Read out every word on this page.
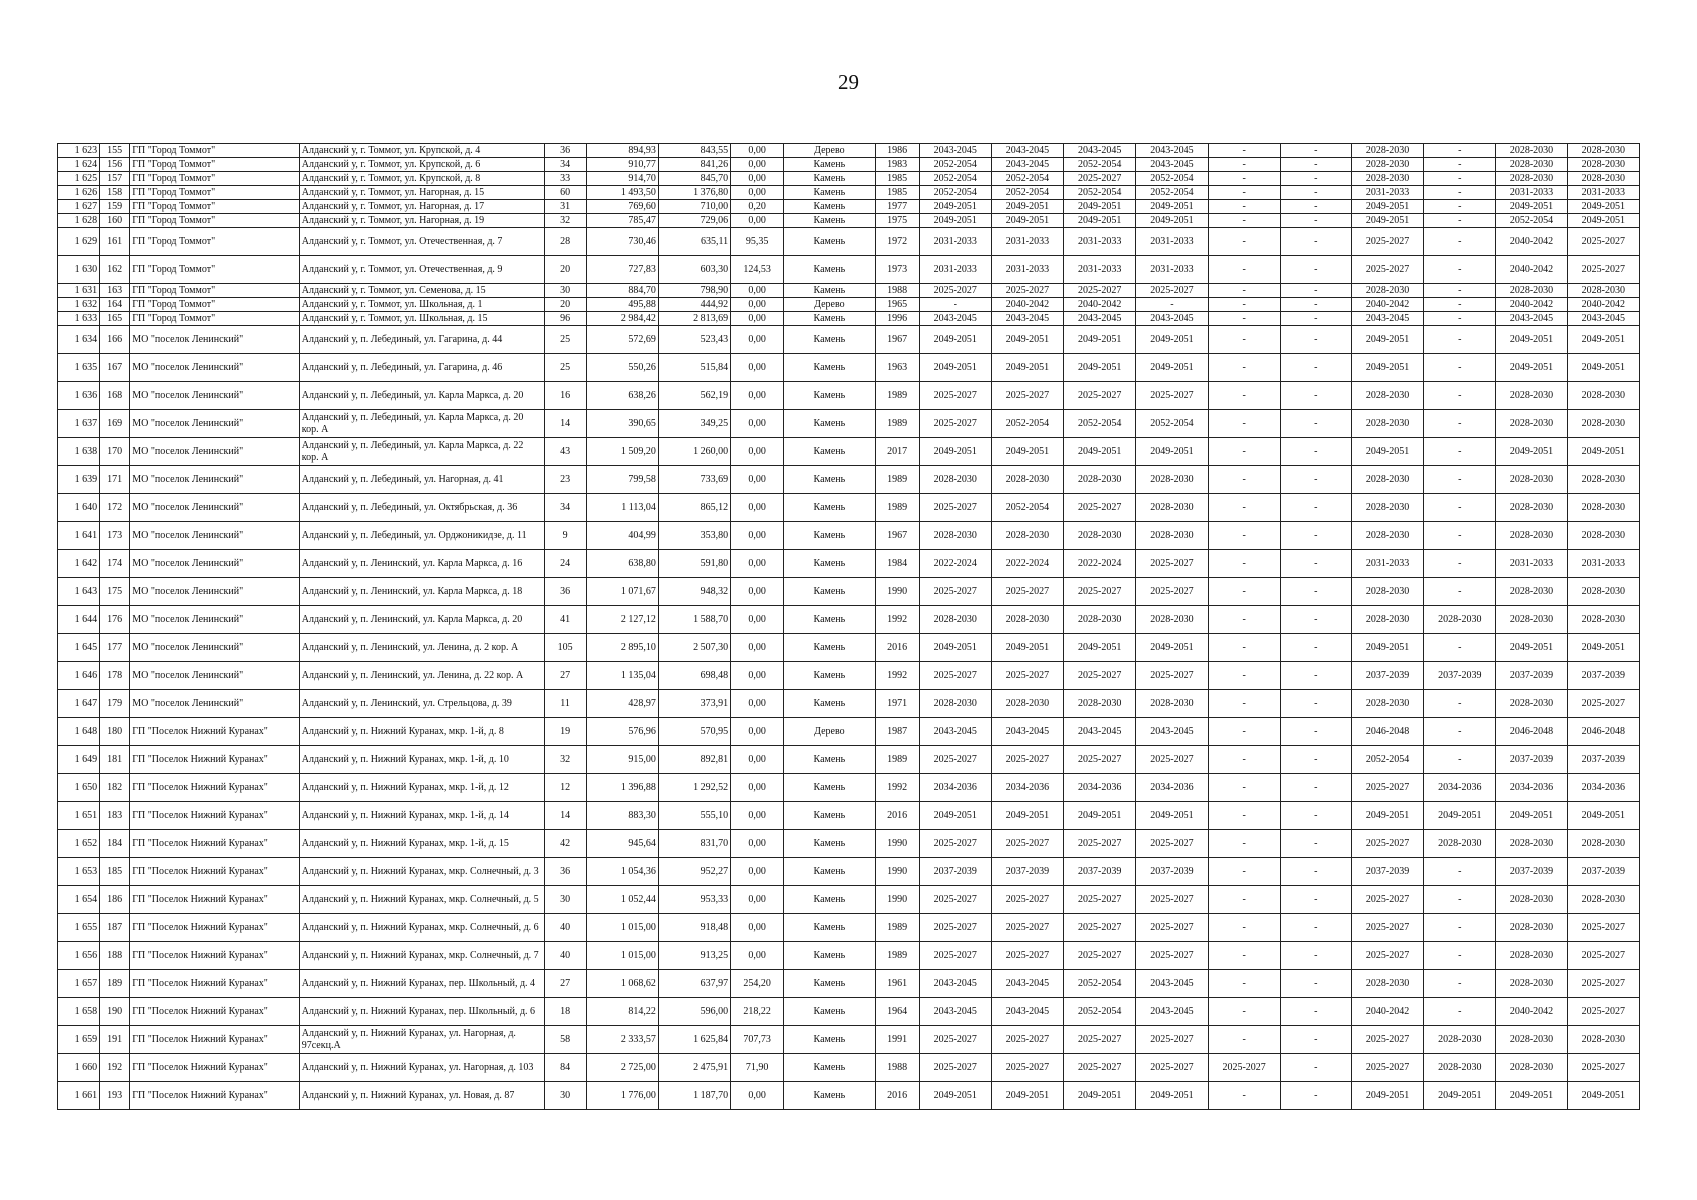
29
1 623	155	ГП "Город Томмот"	Алданский у, г. Томмот, ул. Крупской, д. 4	36	894,93	843,55	0,00	Дерево	1986	2043-2045	2043-2045	2043-2045	2043-2045	-	-	2028-2030	-	2028-2030	2028-2030
1 624	156	ГП "Город Томмот"	Алданский у, г. Томмот, ул. Крупской, д. 6	34	910,77	841,26	0,00	Камень	1983	2052-2054	2043-2045	2052-2054	2043-2045	-	-	2028-2030	-	2028-2030	2028-2030
1 625	157	ГП "Город Томмот"	Алданский у, г. Томмот, ул. Крупской, д. 8	33	914,70	845,70	0,00	Камень	1985	2052-2054	2052-2054	2025-2027	2052-2054	-	-	2028-2030	-	2028-2030	2028-2030
1 626	158	ГП "Город Томмот"	Алданский у, г. Томмот, ул. Нагорная, д. 15	60	1 493,50	1 376,80	0,00	Камень	1985	2052-2054	2052-2054	2052-2054	2052-2054	-	-	2031-2033	-	2031-2033	2031-2033
1 627	159	ГП "Город Томмот"	Алданский у, г. Томмот, ул. Нагорная, д. 17	31	769,60	710,00	0,20	Камень	1977	2049-2051	2049-2051	2049-2051	2049-2051	-	-	2049-2051	-	2049-2051	2049-2051
1 628	160	ГП "Город Томмот"	Алданский у, г. Томмот, ул. Нагорная, д. 19	32	785,47	729,06	0,00	Камень	1975	2049-2051	2049-2051	2049-2051	2049-2051	-	-	2049-2051	-	2052-2054	2049-2051
1 629	161	ГП "Город Томмот"	Алданский у, г. Томмот, ул. Отечественная, д. 7	28	730,46	635,11	95,35	Камень	1972	2031-2033	2031-2033	2031-2033	2031-2033	-	-	2025-2027	-	2040-2042	2025-2027
1 630	162	ГП "Город Томмот"	Алданский у, г. Томмот, ул. Отечественная, д. 9	20	727,83	603,30	124,53	Камень	1973	2031-2033	2031-2033	2031-2033	2031-2033	-	-	2025-2027	-	2040-2042	2025-2027
1 631	163	ГП "Город Томмот"	Алданский у, г. Томмот, ул. Семенова, д. 15	30	884,70	798,90	0,00	Камень	1988	2025-2027	2025-2027	2025-2027	2025-2027	-	-	2028-2030	-	2028-2030	2028-2030
1 632	164	ГП "Город Томмот"	Алданский у, г. Томмот, ул. Школьная, д. 1	20	495,88	444,92	0,00	Дерево	1965	-	2040-2042	2040-2042	-	-	-	2040-2042	-	2040-2042	2040-2042
1 633	165	ГП "Город Томмот"	Алданский у, г. Томмот, ул. Школьная, д. 15	96	2 984,42	2 813,69	0,00	Камень	1996	2043-2045	2043-2045	2043-2045	2043-2045	-	-	2043-2045	-	2043-2045	2043-2045
1 634	166	МО "поселок Ленинский"	Алданский у, п. Лебединый, ул. Гагарина, д. 44	25	572,69	523,43	0,00	Камень	1967	2049-2051	2049-2051	2049-2051	2049-2051	-	-	2049-2051	-	2049-2051	2049-2051
1 635	167	МО "поселок Ленинский"	Алданский у, п. Лебединый, ул. Гагарина, д. 46	25	550,26	515,84	0,00	Камень	1963	2049-2051	2049-2051	2049-2051	2049-2051	-	-	2049-2051	-	2049-2051	2049-2051
1 636	168	МО "поселок Ленинский"	Алданский у, п. Лебединый, ул. Карла Маркса, д. 20	16	638,26	562,19	0,00	Камень	1989	2025-2027	2025-2027	2025-2027	2025-2027	-	-	2028-2030	-	2028-2030	2028-2030
1 637	169	МО "поселок Ленинский"	Алданский у, п. Лебединый, ул. Карла Маркса, д. 20 кор. А	14	390,65	349,25	0,00	Камень	1989	2025-2027	2052-2054	2052-2054	2052-2054	-	-	2028-2030	-	2028-2030	2028-2030
1 638	170	МО "поселок Ленинский"	Алданский у, п. Лебединый, ул. Карла Маркса, д. 22 кор. А	43	1 509,20	1 260,00	0,00	Камень	2017	2049-2051	2049-2051	2049-2051	2049-2051	-	-	2049-2051	-	2049-2051	2049-2051
1 639	171	МО "поселок Ленинский"	Алданский у, п. Лебединый, ул. Нагорная, д. 41	23	799,58	733,69	0,00	Камень	1989	2028-2030	2028-2030	2028-2030	2028-2030	-	-	2028-2030	-	2028-2030	2028-2030
1 640	172	МО "поселок Ленинский"	Алданский у, п. Лебединый, ул. Октябрьская, д. 36	34	1 113,04	865,12	0,00	Камень	1989	2025-2027	2052-2054	2025-2027	2028-2030	-	-	2028-2030	-	2028-2030	2028-2030
1 641	173	МО "поселок Ленинский"	Алданский у, п. Лебединый, ул. Орджоникидзе, д. 11	9	404,99	353,80	0,00	Камень	1967	2028-2030	2028-2030	2028-2030	2028-2030	-	-	2028-2030	-	2028-2030	2028-2030
1 642	174	МО "поселок Ленинский"	Алданский у, п. Ленинский, ул. Карла Маркса, д. 16	24	638,80	591,80	0,00	Камень	1984	2022-2024	2022-2024	2022-2024	2025-2027	-	-	2031-2033	-	2031-2033	2031-2033
1 643	175	МО "поселок Ленинский"	Алданский у, п. Ленинский, ул. Карла Маркса, д. 18	36	1 071,67	948,32	0,00	Камень	1990	2025-2027	2025-2027	2025-2027	2025-2027	-	-	2028-2030	-	2028-2030	2028-2030
1 644	176	МО "поселок Ленинский"	Алданский у, п. Ленинский, ул. Карла Маркса, д. 20	41	2 127,12	1 588,70	0,00	Камень	1992	2028-2030	2028-2030	2028-2030	2028-2030	-	-	2028-2030	2028-2030	2028-2030	2028-2030
1 645	177	МО "поселок Ленинский"	Алданский у, п. Ленинский, ул. Ленина, д. 2 кор. А	105	2 895,10	2 507,30	0,00	Камень	2016	2049-2051	2049-2051	2049-2051	2049-2051	-	-	2049-2051	-	2049-2051	2049-2051
1 646	178	МО "поселок Ленинский"	Алданский у, п. Ленинский, ул. Ленина, д. 22 кор. А	27	1 135,04	698,48	0,00	Камень	1992	2025-2027	2025-2027	2025-2027	2025-2027	-	-	2037-2039	2037-2039	2037-2039	2037-2039
1 647	179	МО "поселок Ленинский"	Алданский у, п. Ленинский, ул. Стрельцова, д. 39	11	428,97	373,91	0,00	Камень	1971	2028-2030	2028-2030	2028-2030	2028-2030	-	-	2028-2030	-	2028-2030	2025-2027
1 648	180	ГП "Поселок Нижний Куранах"	Алданский у, п. Нижний Куранах, мкр. 1-й, д. 8	19	576,96	570,95	0,00	Дерево	1987	2043-2045	2043-2045	2043-2045	2043-2045	-	-	2046-2048	-	2046-2048	2046-2048
1 649	181	ГП "Поселок Нижний Куранах"	Алданский у, п. Нижний Куранах, мкр. 1-й, д. 10	32	915,00	892,81	0,00	Камень	1989	2025-2027	2025-2027	2025-2027	2025-2027	-	-	2052-2054	-	2037-2039	2037-2039
1 650	182	ГП "Поселок Нижний Куранах"	Алданский у, п. Нижний Куранах, мкр. 1-й, д. 12	12	1 396,88	1 292,52	0,00	Камень	1992	2034-2036	2034-2036	2034-2036	2034-2036	-	-	2025-2027	2034-2036	2034-2036	2034-2036
1 651	183	ГП "Поселок Нижний Куранах"	Алданский у, п. Нижний Куранах, мкр. 1-й, д. 14	14	883,30	555,10	0,00	Камень	2016	2049-2051	2049-2051	2049-2051	2049-2051	-	-	2049-2051	2049-2051	2049-2051	2049-2051
1 652	184	ГП "Поселок Нижний Куранах"	Алданский у, п. Нижний Куранах, мкр. 1-й, д. 15	42	945,64	831,70	0,00	Камень	1990	2025-2027	2025-2027	2025-2027	2025-2027	-	-	2025-2027	2028-2030	2028-2030	2028-2030
1 653	185	ГП "Поселок Нижний Куранах"	Алданский у, п. Нижний Куранах, мкр. Солнечный, д. 3	36	1 054,36	952,27	0,00	Камень	1990	2037-2039	2037-2039	2037-2039	2037-2039	-	-	2037-2039	-	2037-2039	2037-2039
1 654	186	ГП "Поселок Нижний Куранах"	Алданский у, п. Нижний Куранах, мкр. Солнечный, д. 5	30	1 052,44	953,33	0,00	Камень	1990	2025-2027	2025-2027	2025-2027	2025-2027	-	-	2025-2027	-	2028-2030	2028-2030
1 655	187	ГП "Поселок Нижний Куранах"	Алданский у, п. Нижний Куранах, мкр. Солнечный, д. 6	40	1 015,00	918,48	0,00	Камень	1989	2025-2027	2025-2027	2025-2027	2025-2027	-	-	2025-2027	-	2028-2030	2025-2027
1 656	188	ГП "Поселок Нижний Куранах"	Алданский у, п. Нижний Куранах, мкр. Солнечный, д. 7	40	1 015,00	913,25	0,00	Камень	1989	2025-2027	2025-2027	2025-2027	2025-2027	-	-	2025-2027	-	2028-2030	2025-2027
1 657	189	ГП "Поселок Нижний Куранах"	Алданский у, п. Нижний Куранах, пер. Школьный, д. 4	27	1 068,62	637,97	254,20	Камень	1961	2043-2045	2043-2045	2052-2054	2043-2045	-	-	2028-2030	-	2028-2030	2025-2027
1 658	190	ГП "Поселок Нижний Куранах"	Алданский у, п. Нижний Куранах, пер. Школьный, д. 6	18	814,22	596,00	218,22	Камень	1964	2043-2045	2043-2045	2052-2054	2043-2045	-	-	2040-2042	-	2040-2042	2025-2027
1 659	191	ГП "Поселок Нижний Куранах"	Алданский у, п. Нижний Куранах, ул. Нагорная, д. 97секц.А	58	2 333,57	1 625,84	707,73	Камень	1991	2025-2027	2025-2027	2025-2027	2025-2027	-	-	2025-2027	2028-2030	2028-2030	2028-2030
1 660	192	ГП "Поселок Нижний Куранах"	Алданский у, п. Нижний Куранах, ул. Нагорная, д. 103	84	2 725,00	2 475,91	71,90	Камень	1988	2025-2027	2025-2027	2025-2027	2025-2027	2025-2027	-	2025-2027	2028-2030	2028-2030	2025-2027
1 661	193	ГП "Поселок Нижний Куранах"	Алданский у, п. Нижний Куранах, ул. Новая, д. 87	30	1 776,00	1 187,70	0,00	Камень	2016	2049-2051	2049-2051	2049-2051	2049-2051	-	-	2049-2051	2049-2051	2049-2051	2049-2051
